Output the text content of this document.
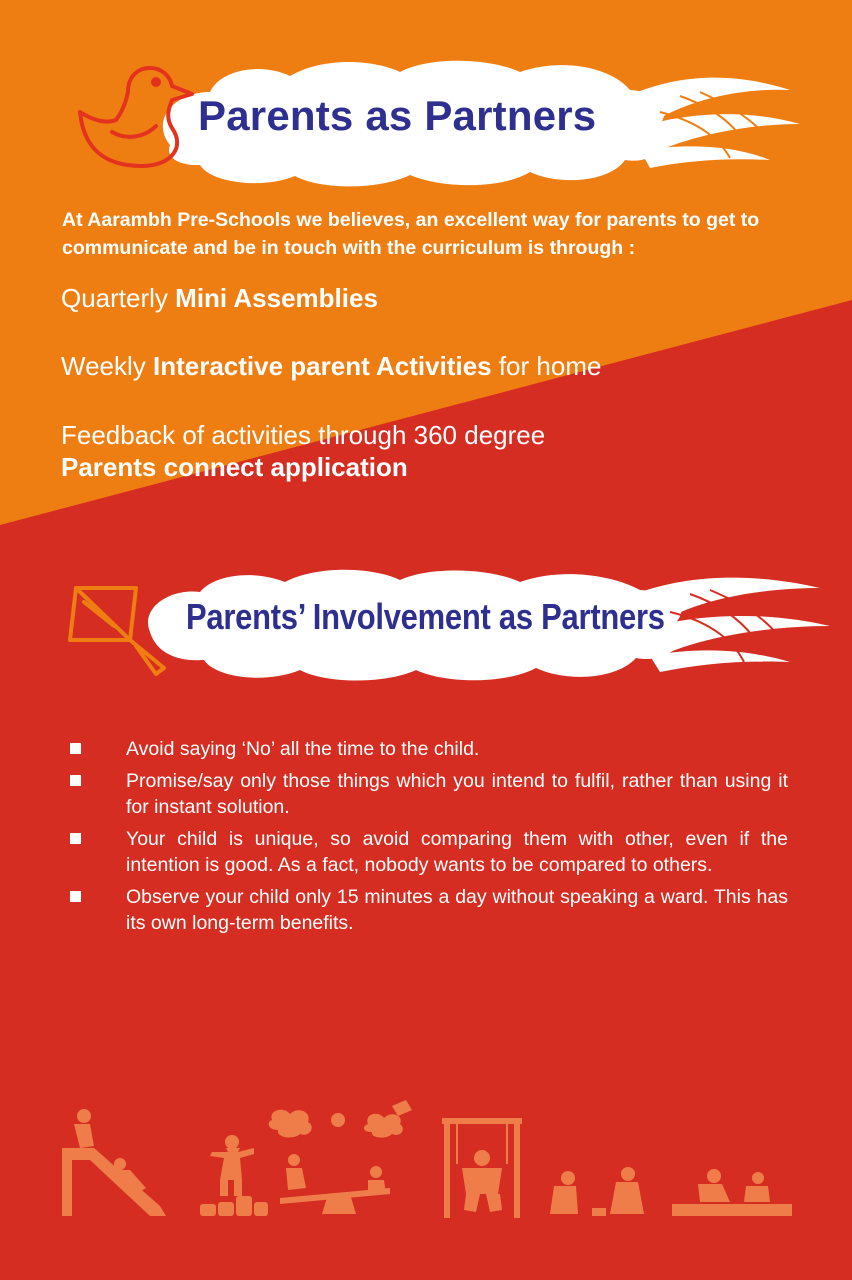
Parents as Partners
At Aarambh Pre-Schools we believes, an excellent way for parents to get to communicate and be in touch with the curriculum is through :
Quarterly Mini Assemblies
Weekly Interactive parent Activities for home
Feedback of activities through 360 degree
Parents connect application
Parents’ Involvement as Partners
Avoid saying ‘No’ all the time to the child.
Promise/say only those things which you intend to fulfil, rather than using it for instant solution.
Your child is unique, so avoid comparing them with other, even if the intention is good. As a fact, nobody wants to be compared to others.
Observe your child only 15 minutes a day without speaking a ward. This has its own long-term benefits.
